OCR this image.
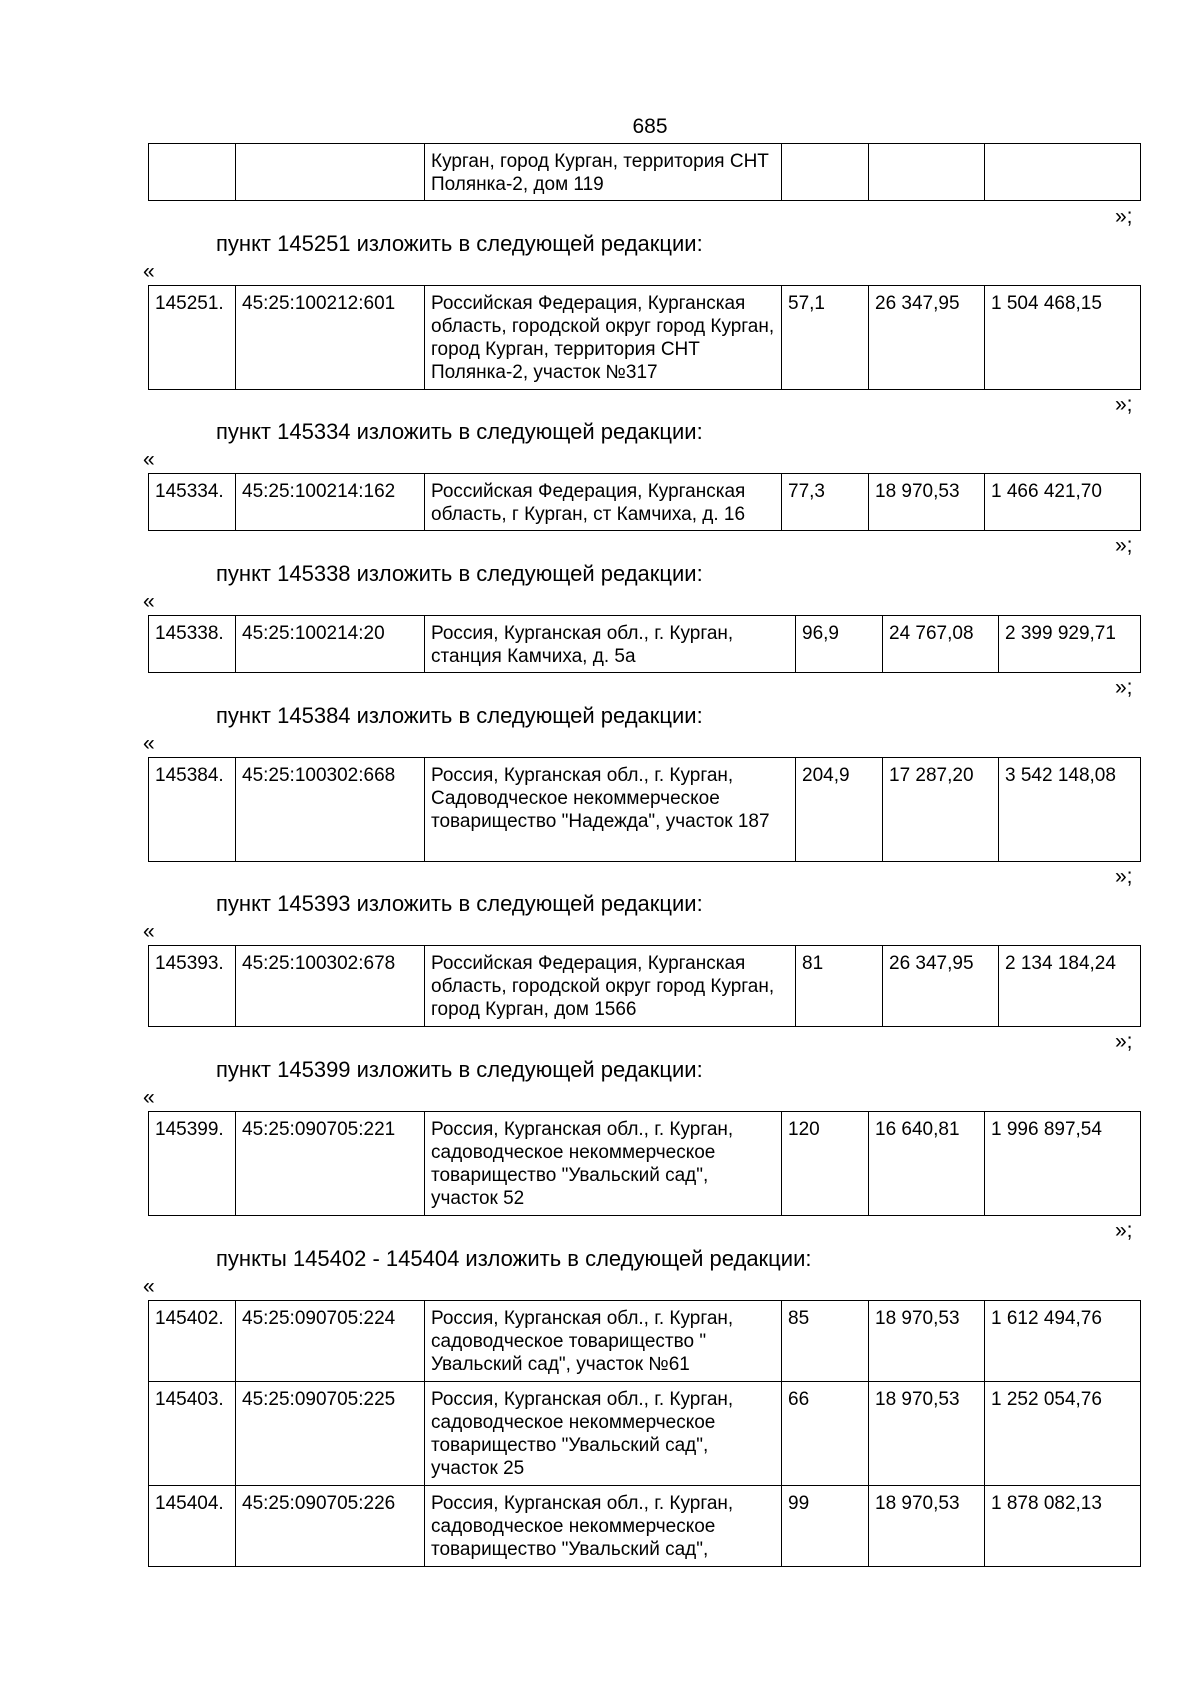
685
		Курган, город Курган, территория СНТ Полянка-2, дом 119			
»;
пункт 145251 изложить в следующей редакции:
«
145251.	45:25:100212:601	Российская Федерация, Курганская область, городской округ город Курган, город Курган, территория СНТ Полянка-2, участок №317	57,1	26 347,95	1 504 468,15
»;
пункт 145334 изложить в следующей редакции:
«
145334.	45:25:100214:162	Российская Федерация, Курганская область, г Курган, ст Камчиха, д. 16	77,3	18 970,53	1 466 421,70
»;
пункт 145338 изложить в следующей редакции:
«
145338.	45:25:100214:20	Россия, Курганская обл., г. Курган, станция Камчиха, д. 5а	96,9	24 767,08	2 399 929,71
»;
пункт 145384 изложить в следующей редакции:
«
145384.	45:25:100302:668	Россия, Курганская обл., г. Курган, Садоводческое некоммерческое товарищество "Надежда", участок 187	204,9	17 287,20	3 542 148,08
»;
пункт 145393 изложить в следующей редакции:
«
145393.	45:25:100302:678	Российская Федерация, Курганская область, городской округ город Курган, город Курган, дом 1566	81	26 347,95	2 134 184,24
»;
пункт 145399 изложить в следующей редакции:
«
145399.	45:25:090705:221	Россия, Курганская обл., г. Курган, садоводческое некоммерческое товарищество "Увальский сад", участок 52	120	16 640,81	1 996 897,54
»;
пункты 145402 - 145404 изложить в следующей редакции:
«
145402.	45:25:090705:224	Россия, Курганская обл., г. Курган, садоводческое товарищество " Увальский сад", участок №61	85	18 970,53	1 612 494,76
145403.	45:25:090705:225	Россия, Курганская обл., г. Курган, садоводческое некоммерческое товарищество "Увальский сад", участок 25	66	18 970,53	1 252 054,76
145404.	45:25:090705:226	Россия, Курганская обл., г. Курган, садоводческое некоммерческое товарищество "Увальский сад",	99	18 970,53	1 878 082,13
